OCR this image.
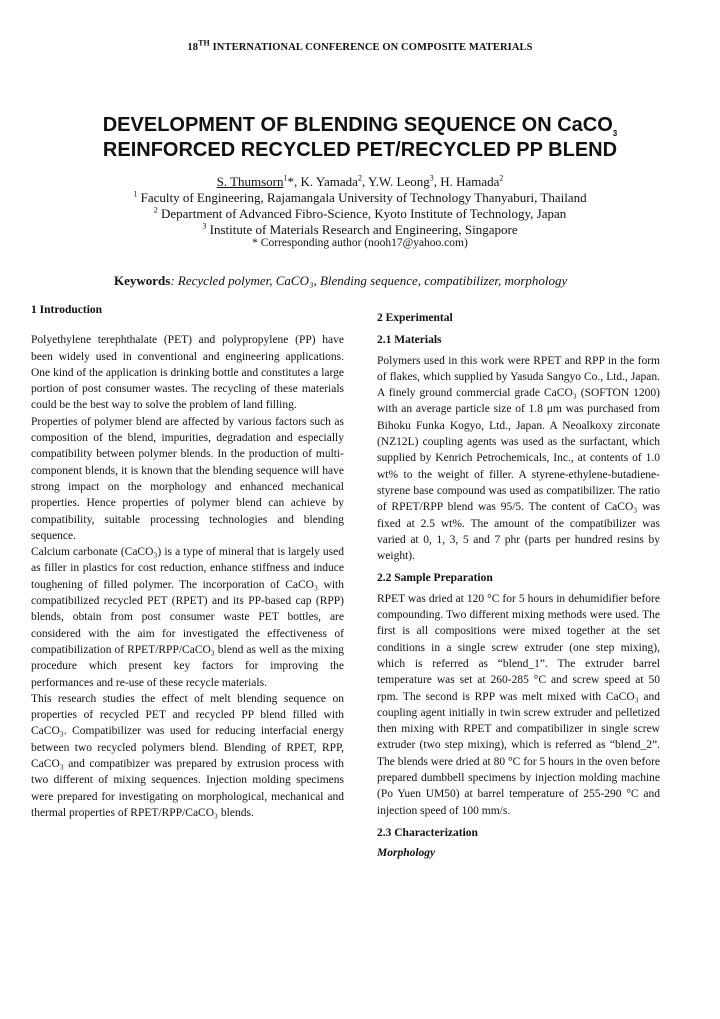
18TH INTERNATIONAL CONFERENCE ON COMPOSITE MATERIALS
DEVELOPMENT OF BLENDING SEQUENCE ON CaCO$_3$
REINFORCED RECYCLED PET/RECYCLED PP BLEND
S. Thumsorn$^1$*, K. Yamada$^2$, Y.W. Leong$^3$, H. Hamada$^2$
$^1$ Faculty of Engineering, Rajamangala University of Technology Thanyaburi, Thailand
$^2$ Department of Advanced Fibro-Science, Kyoto Institute of Technology, Japan
$^3$ Institute of Materials Research and Engineering, Singapore
* Corresponding author (nooh17@yahoo.com)
Keywords: Recycled polymer, CaCO₃, Blending sequence, compatibilizer, morphology

1 Introduction

Polyethylene terephthalate (PET) and polypropylene (PP) have been widely used in conventional and engineering applications. One kind of the application is drinking bottle and constitutes a large portion of post consumer wastes. The recycling of these materials could be the best way to solve the problem of land filling.

Properties of polymer blend are affected by various factors such as composition of the blend, impurities, degradation and especially compatibility between polymer blends. In the production of multi-component blends, it is known that the blending sequence will have strong impact on the morphology and enhanced mechanical properties. Hence properties of polymer blend can achieve by compatibility, suitable processing technologies and blending sequence.

Calcium carbonate (CaCO₃) is a type of mineral that is largely used as filler in plastics for cost reduction, enhance stiffness and induce toughening of filled polymer. The incorporation of CaCO₃ with compatibilized recycled PET (RPET) and its PP-based cap (RPP) blends, obtain from post consumer waste PET bottles, are considered with the aim for investigated the effectiveness of compatibilization of RPET/RPP/CaCO₃ blend as well as the mixing procedure which present key factors for improving the performances and re-use of these recycle materials.

This research studies the effect of melt blending sequence on properties of recycled PET and recycled PP blend filled with CaCO₃. Compatibilizer was used for reducing interfacial energy between two recycled polymers blend. Blending of RPET, RPP, CaCO₃ and compatibizer was prepared by extrusion process with two different of mixing sequences. Injection molding specimens were prepared for investigating on morphological, mechanical and thermal properties of RPET/RPP/CaCO₃ blends.

2 Experimental

2.1 Materials

Polymers used in this work were RPET and RPP in the form of flakes, which supplied by Yasuda Sangyo Co., Ltd., Japan. A finely ground commercial grade CaCO₃ (SOFTON 1200) with an average particle size of 1.8 μm was purchased from Bihoku Funka Kogyo, Ltd., Japan. A Neoalkoxy zirconate (NZ12L) coupling agents was used as the surfactant, which supplied by Kenrich Petrochemicals, Inc., at contents of 1.0 wt% to the weight of filler. A styrene-ethylene-butadiene-styrene base compound was used as compatibilizer. The ratio of RPET/RPP blend was 95/5. The content of CaCO₃ was fixed at 2.5 wt%. The amount of the compatibilizer was varied at 0, 1, 3, 5 and 7 phr (parts per hundred resins by weight).

2.2 Sample Preparation

RPET was dried at 120 °C for 5 hours in dehumidifier before compounding. Two different mixing methods were used. The first is all compositions were mixed together at the set conditions in a single screw extruder (one step mixing), which is referred as “blend_1”. The extruder barrel temperature was set at 260-285 °C and screw speed at 50 rpm. The second is RPP was melt mixed with CaCO₃ and coupling agent initially in twin screw extruder and pelletized then mixing with RPET and compatibilizer in single screw extruder (two step mixing), which is referred as “blend_2”. The blends were dried at 80 °C for 5 hours in the oven before prepared dumbbell specimens by injection molding machine (Po Yuen UM50) at barrel temperature of 255-290 °C and injection speed of 100 mm/s.

2.3 Characterization

Morphology
